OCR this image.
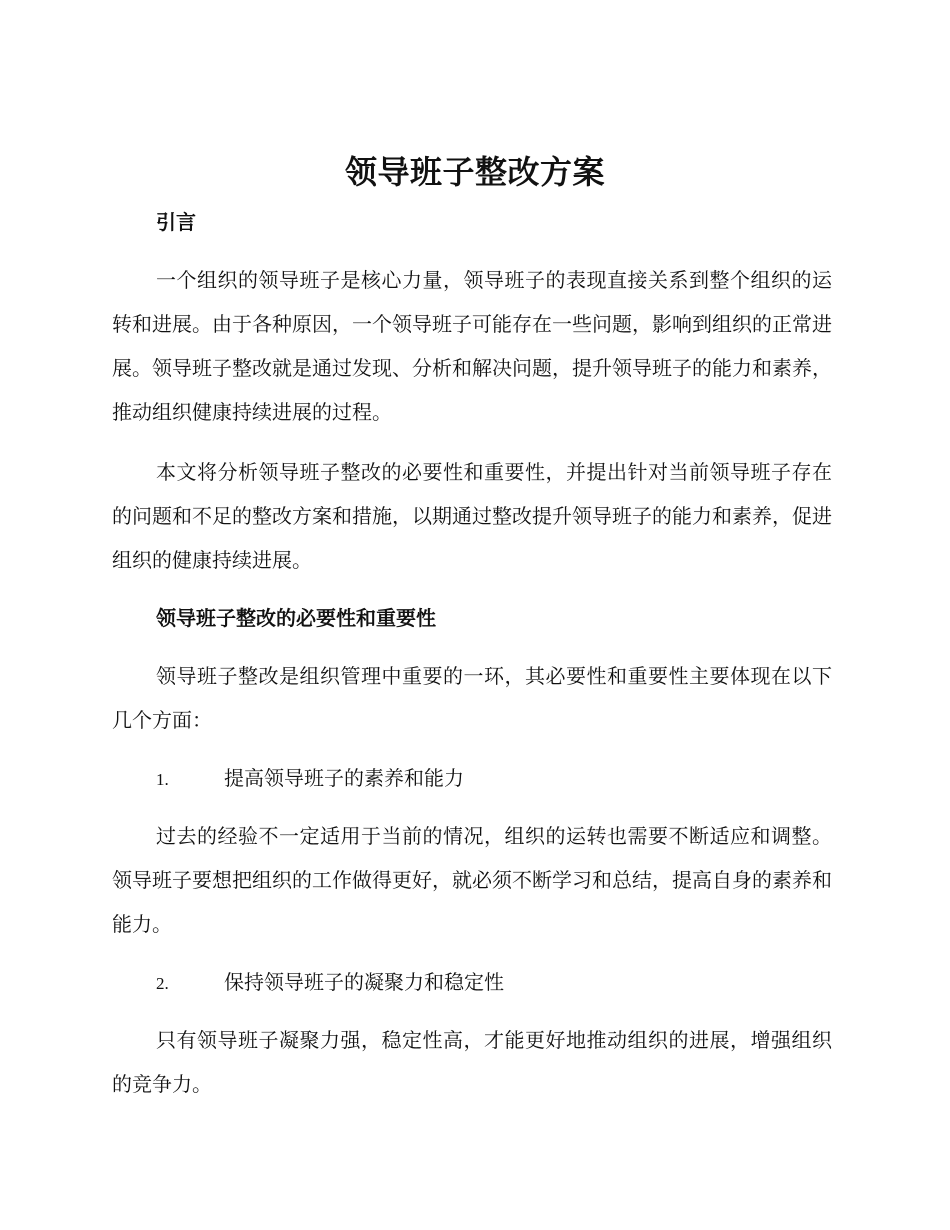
领导班子整改方案
引言

一个组织的领导班子是核心力量，领导班子的表现直接关系到整个组织的运转和进展。由于各种原因，一个领导班子可能存在一些问题，影响到组织的正常进展。领导班子整改就是通过发现、分析和解决问题，提升领导班子的能力和素养，推动组织健康持续进展的过程。

本文将分析领导班子整改的必要性和重要性，并提出针对当前领导班子存在的问题和不足的整改方案和措施，以期通过整改提升领导班子的能力和素养，促进组织的健康持续进展。

领导班子整改的必要性和重要性

领导班子整改是组织管理中重要的一环，其必要性和重要性主要体现在以下几个方面：

1.	提高领导班子的素养和能力

过去的经验不一定适用于当前的情况，组织的运转也需要不断适应和调整。领导班子要想把组织的工作做得更好，就必须不断学习和总结，提高自身的素养和能力。

2.	保持领导班子的凝聚力和稳定性

只有领导班子凝聚力强，稳定性高，才能更好地推动组织的进展，增强组织的竞争力。
